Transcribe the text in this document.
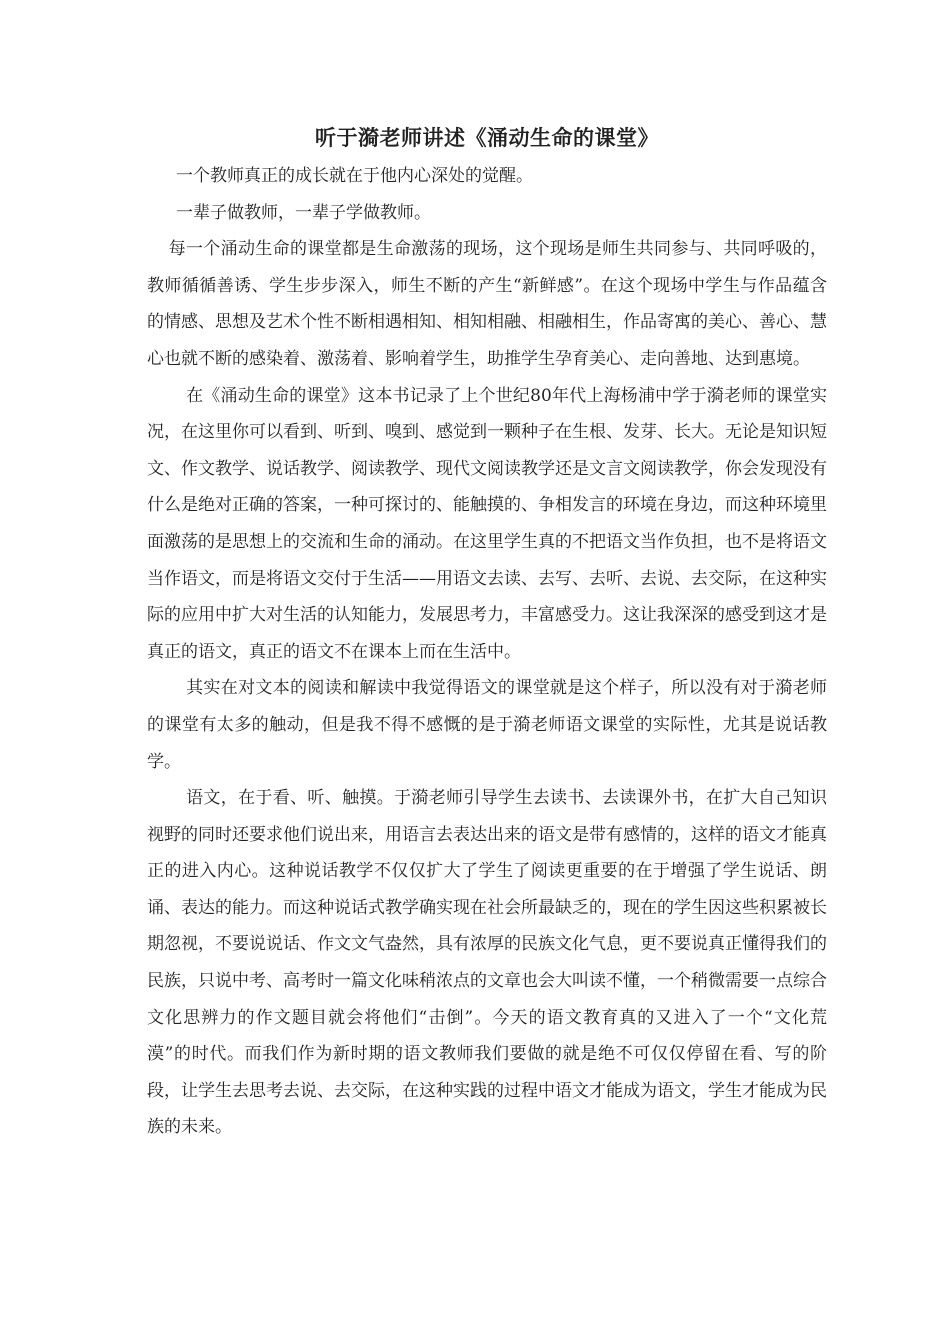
听于漪老师讲述《涌动生命的课堂》

一个教师真正的成长就在于他内心深处的觉醒。

一辈子做教师，一辈子学做教师。

每一个涌动生命的课堂都是生命激荡的现场，这个现场是师生共同参与、共同呼吸的，教师循循善诱、学生步步深入，师生不断的产生“新鲜感”。在这个现场中学生与作品蕴含的情感、思想及艺术个性不断相遇相知、相知相融、相融相生，作品寄寓的美心、善心、慧心也就不断的感染着、激荡着、影响着学生，助推学生孕育美心、走向善地、达到惠境。

在《涌动生命的课堂》这本书记录了上个世纪80年代上海杨浦中学于漪老师的课堂实况，在这里你可以看到、听到、嗅到、感觉到一颗种子在生根、发芽、长大。无论是知识短文、作文教学、说话教学、阅读教学、现代文阅读教学还是文言文阅读教学，你会发现没有什么是绝对正确的答案，一种可探讨的、能触摸的、争相发言的环境在身边，而这种环境里面激荡的是思想上的交流和生命的涌动。在这里学生真的不把语文当作负担，也不是将语文当作语文，而是将语文交付于生活——用语文去读、去写、去听、去说、去交际，在这种实际的应用中扩大对生活的认知能力，发展思考力，丰富感受力。这让我深深的感受到这才是真正的语文，真正的语文不在课本上而在生活中。

其实在对文本的阅读和解读中我觉得语文的课堂就是这个样子，所以没有对于漪老师的课堂有太多的触动，但是我不得不感慨的是于漪老师语文课堂的实际性，尤其是说话教学。

语文，在于看、听、触摸。于漪老师引导学生去读书、去读课外书，在扩大自己知识视野的同时还要求他们说出来，用语言去表达出来的语文是带有感情的，这样的语文才能真正的进入内心。这种说话教学不仅仅扩大了学生了阅读更重要的在于增强了学生说话、朗诵、表达的能力。而这种说话式教学确实现在社会所最缺乏的，现在的学生因这些积累被长期忽视，不要说说话、作文文气盎然，具有浓厚的民族文化气息，更不要说真正懂得我们的民族，只说中考、高考时一篇文化味稍浓点的文章也会大叫读不懂，一个稍微需要一点综合文化思辨力的作文题目就会将他们“击倒”。今天的语文教育真的又进入了一个“文化荒漠”的时代。而我们作为新时期的语文教师我们要做的就是绝不可仅仅停留在看、写的阶段，让学生去思考去说、去交际，在这种实践的过程中语文才能成为语文，学生才能成为民族的未来。
